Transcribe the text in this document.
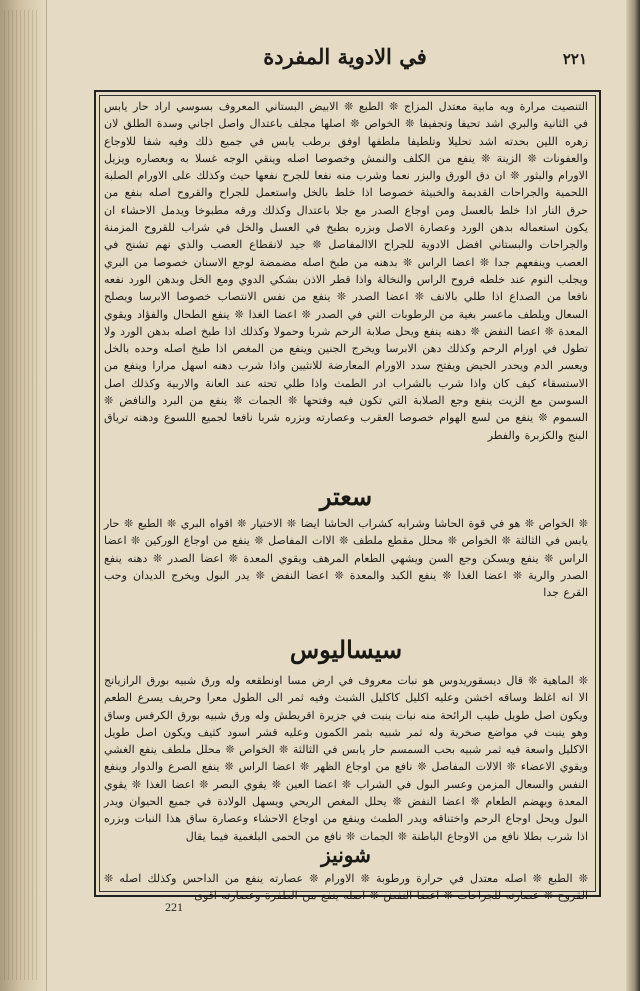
في الادوية المفردة	٢٢١
التنصيت مرارة ويه مابية معتدل المزاج ❊ الطبع ❊ الابيض البستاني المعروف بسوسي اراد حار يابس في الثانية والبري اشد تحيفا وتجفيفا ❊ الخواص ❊ اصلها مجلف باعتدال واصل اجاني وسدة الطلق لان زهره اللين بحدته اشد تحليلا وتلطيفا ملطفها اوفق برطب يابس في جميع ذلك وفيه شفا للاوجاع والعفونات ❊ الزينة ❊ ينفع من الكلف والنمش وخصوصا اصله وينقي الوجه غسلا به وبعصاره ويزيل الاورام والبثور ❊ ان دق الورق والبزر نعما وشرب منه نفعا للجرح نفعها حيث وكذلك على الاورام الصلبة اللحمية والجراحات القديمة والخبيثة خصوصا اذا خلط بالخل واستعمل للجراح والقروح اصله بنفع من حرق النار اذا خلط بالعسل ومن اوجاع الصدر مع جلا باعتدال وكذلك ورقه مطبوخا ويدمل الاحشاء ان يكون استعماله بدهن الورد وعصارة الاصل وبزره بطبخ في العسل والخل في شراب للقروح المزمنة والجراحات والبستاني افضل الادوية للجراح الاالمفاصل ❊ جيد لانقطاع العصب والذي نهم تشنج في العصب وينفعهم جدا ❊ اعضا الراس ❊ بدهنه من طبخ اصله مضمضة لوجع الاسنان خصوصا من البري ويجلب النوم عند خلطه فروح الراس والنخالة واذا قطر الاذن بشكي الدوي ومع الخل وبدهن الورد نفعه نافعا من الصداع اذا طلي بالانف ❊ اعضا الصدر ❊ ينفع من نفس الانتصاب خصوصا الابرسا ويصلح السعال ويلطف ماعسر بغية من الرطوبات التي في الصدر ❊ اعضا الغذا ❊ ينفع الطحال والفؤاد ويقوي المعدة ❊ اعضا النفض ❊ دهنه ينفع ويحل صلابة الرحم شربا وحمولا وكذلك اذا طبخ اصله بدهن الورد ولا تطول في اورام الرحم وكذلك دهن الابرسا ويخرج الجنين وينفع من المغص اذا طبخ اصله وحده بالخل ويعسر الدم ويحدر الحيض ويفتح سدد الاورام المعارضة للانثيين واذا شرب دهنه اسهل مرارا وينفع من الاستسقاء كيف كان واذا شرب بالشراب ادر الطمث واذا طلي تحته عند العانة والاربية وكذلك اصل السوسن مع الزيت ينفع وجع الصلابة التي تكون فيه وفتحها ❊ الجمات ❊ ينفع من البرد والنافض ❊ السموم ❊ ينفع من لسع الهوام خصوصا العقرب وعصارته وبزره شربا نافعا لجميع اللسوع ودهنه ترياق البنج والكزبرة والفطر
سعتر
❊ الخواص ❊ هو في قوة الحاشا وشرابه كشراب الحاشا ايضا ❊ الاختيار ❊ اقواه البري ❊ الطبع ❊ حار يابس في الثالثة ❊ الخواص ❊ محلل مقطع ملطف ❊ الاات المفاصل ❊ ينفع من اوجاع الوركين ❊ اعضا الراس ❊ ينفع ويسكن وجع السن ويشهي الطعام المرهف ويقوي المعدة ❊ اعضا الصدر ❊ دهنه ينفع الصدر والرية ❊ اعضا الغذا ❊ ينفع الكبد والمعدة ❊ اعضا النفض ❊ يدر البول ويخرج الديدان وحب القرع جدا
سيساليوس
❊ الماهية ❊ قال ديسقوريدوس هو نبات معروف في ارض مسا اونطقعه وله ورق شبيه بورق الرازيانج الا انه اغلظ وساقه اخشن وعليه اكليل كاكليل الشبث وفيه ثمر الى الطول معرا وحريف يسرع الطعم ويكون اصل طويل طيب الرائحة منه نبات ينبت في جزيرة اقريطش وله ورق شبيه بورق الكرفس وساق وهو ينبت في مواضع صخرية وله ثمر شبيه بثمر الكمون وعليه قشر اسود كثيف ويكون اصل طويل الاكليل واسعة فيه ثمر شبيه بحب السمسم حار يابس في الثالثة ❊ الخواص ❊ محلل ملطف ينفع الغشي ويقوي الاعضاء ❊ الالات المفاصل ❊ نافع من اوجاع الظهر ❊ اعضا الراس ❊ ينفع الصرع والدوار وينفع النفس والسعال المزمن وعسر البول في الشراب ❊ اعضا العين ❊ يقوي البصر ❊ اعضا الغذا ❊ يقوي المعدة ويهضم الطعام ❊ اعضا النفض ❊ يحلل المغص الريحي ويسهل الولادة في جميع الحيوان ويدر البول ويحل اوجاع الرحم واختناقه ويدر الطمث وينفع من اوجاع الاحشاء وعصارة ساق هذا النبات وبزره اذا شرب بطلا نافع من الاوجاع الباطنة ❊ الجمات ❊ نافع من الحمى البلغمية فيما يقال
شونيز
❊ الطبع ❊ اصله معتدل في حرارة ورطوبة ❊ الاورام ❊ عصارته ينفع من الداحس وكذلك اصله ❊ القروح ❊ عصارته للجراحات ❊ اعضا النفض ❊ اصله ينفع من الطفرة وعصارته اقوى
221
